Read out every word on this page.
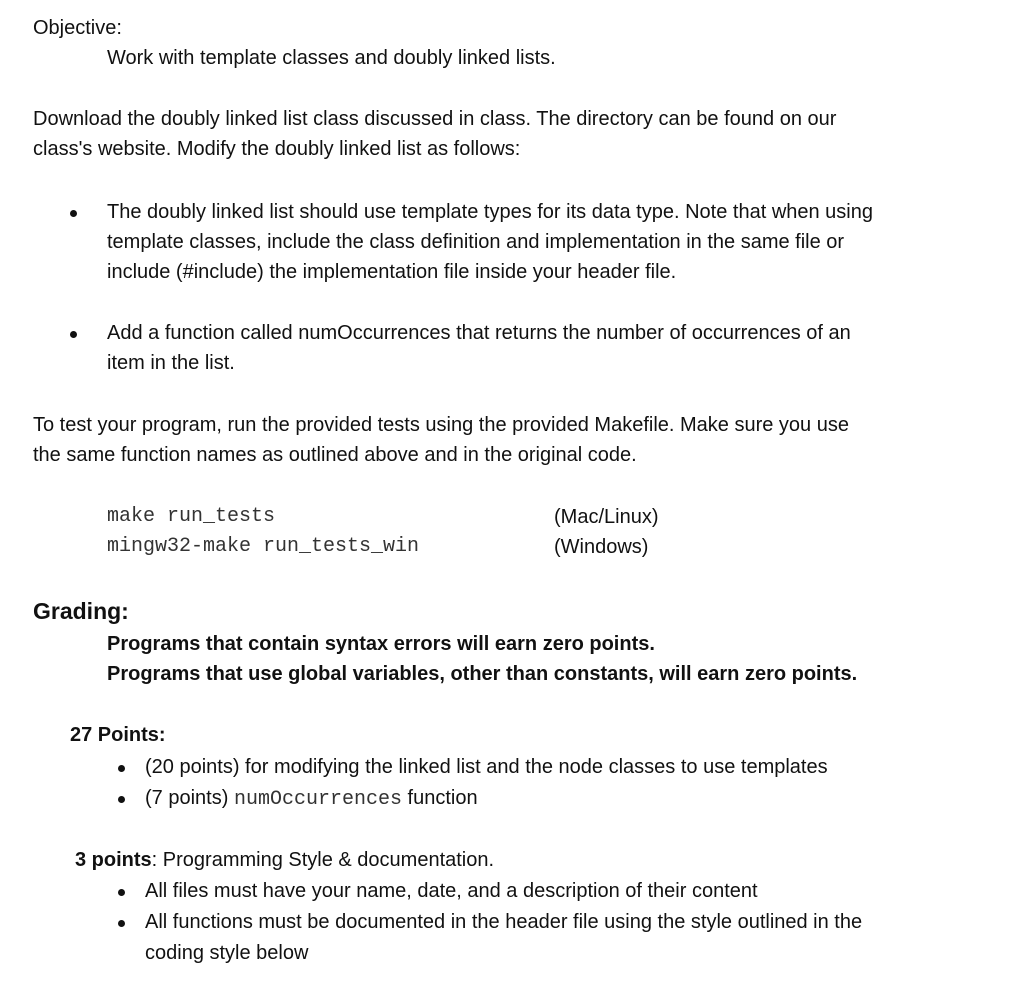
Objective:
Work with template classes and doubly linked lists.
Download the doubly linked list class discussed in class. The directory can be found on our
class's website. Modify the doubly linked list as follows:
The doubly linked list should use template types for its data type. Note that when using
template classes, include the class definition and implementation in the same file or
include (#include) the implementation file inside your header file.
Add a function called numOccurrences that returns the number of occurrences of an
item in the list.
To test your program, run the provided tests using the provided Makefile. Make sure you use
the same function names as outlined above and in the original code.
make run_tests	(Mac/Linux)
mingw32-make run_tests_win	(Windows)
Grading:
Programs that contain syntax errors will earn zero points.
Programs that use global variables, other than constants, will earn zero points.
27 Points:
(20 points) for modifying the linked list and the node classes to use templates
(7 points) numOccurrences function
3 points: Programming Style & documentation.
All files must have your name, date, and a description of their content
All functions must be documented in the header file using the style outlined in the
coding style below
